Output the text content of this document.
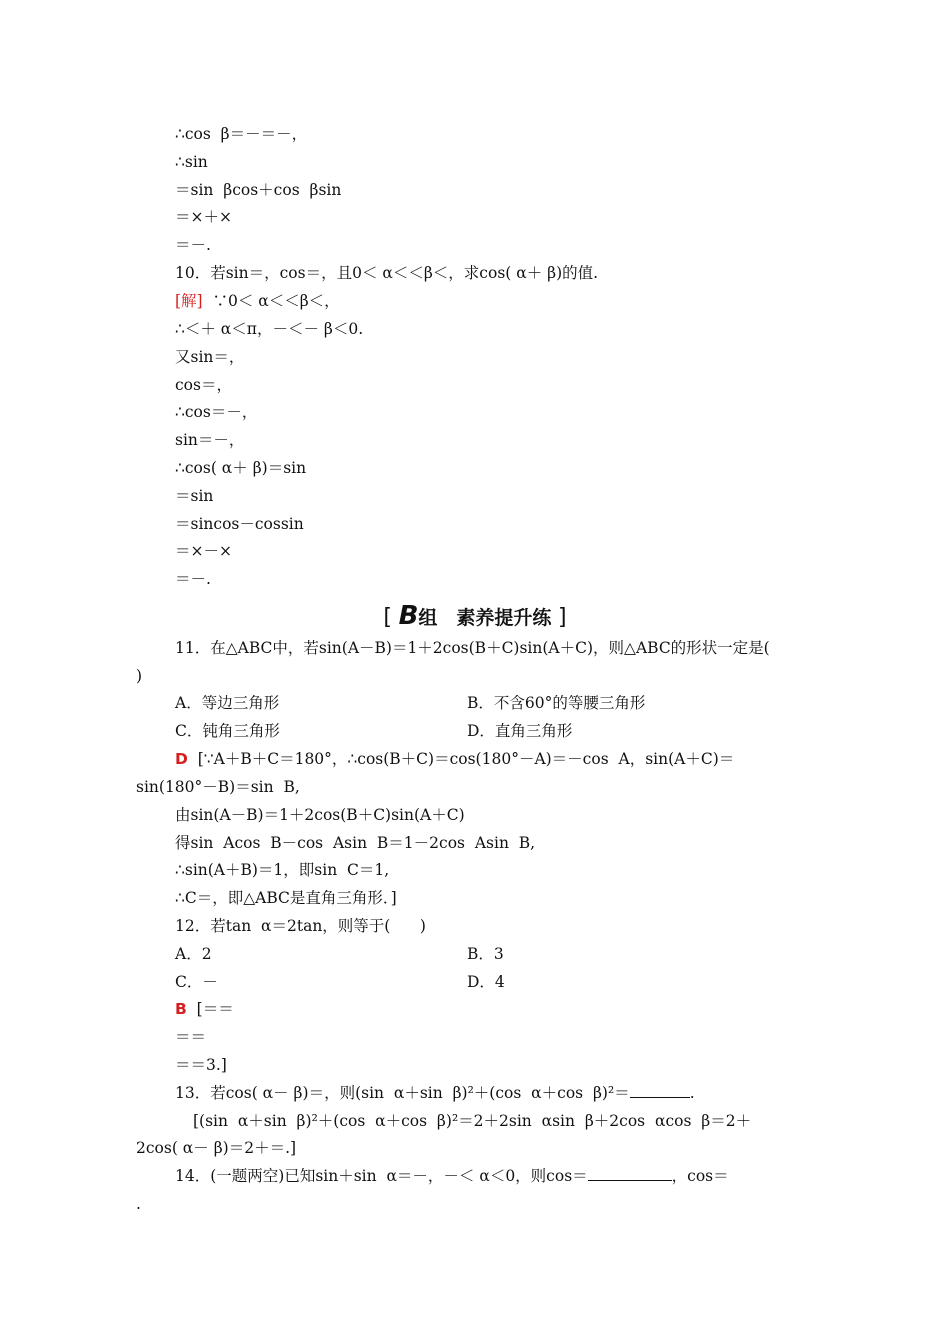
∴cos  β＝－＝－，
∴sin
＝sin  βcos＋cos  βsin
＝×＋×
＝－.
10．若sin＝，cos＝，且0＜ α＜＜β＜，求cos( α＋ β)的值.
[解]  ∵0＜ α＜＜β＜，
∴＜＋ α＜π，－＜－ β＜0.
又sin＝，
cos＝，
∴cos＝－，
sin＝－，
∴cos( α＋ β)＝sin
＝sin
＝sincos－cossin
＝×－×
＝－.
[ B组　素养提升练 ]
11．在△ABC中，若sin(A－B)＝1＋2cos(B＋C)sin(A＋C)，则△ABC的形状一定是(
)
A．等边三角形	B．不含60°的等腰三角形
C．钝角三角形	D．直角三角形
D  [∵A＋B＋C＝180°，∴cos(B＋C)＝cos(180°－A)＝－cos  A，sin(A＋C)＝
sin(180°－B)＝sin  B,
由sin(A－B)＝1＋2cos(B＋C)sin(A＋C)
得sin  Acos  B－cos  Asin  B＝1－2cos  Asin  B,
∴sin(A＋B)＝1，即sin  C＝1,
∴C＝，即△ABC是直角三角形．]
12．若tan  α＝2tan，则等于(      )
A．2	B．3
C．－	D．4
B  [＝＝
＝＝
＝＝3.]
13．若cos( α－ β)＝，则(sin  α＋sin  β)²＋(cos  α＋cos  β)²＝	.
[(sin  α＋sin  β)²＋(cos  α＋cos  β)²＝2＋2sin  αsin  β＋2cos  αcos  β＝2＋
2cos( α－ β)＝2＋＝.]
14．(一题两空)已知sin＋sin  α＝－，－＜ α＜0，则cos＝	，cos＝
.
